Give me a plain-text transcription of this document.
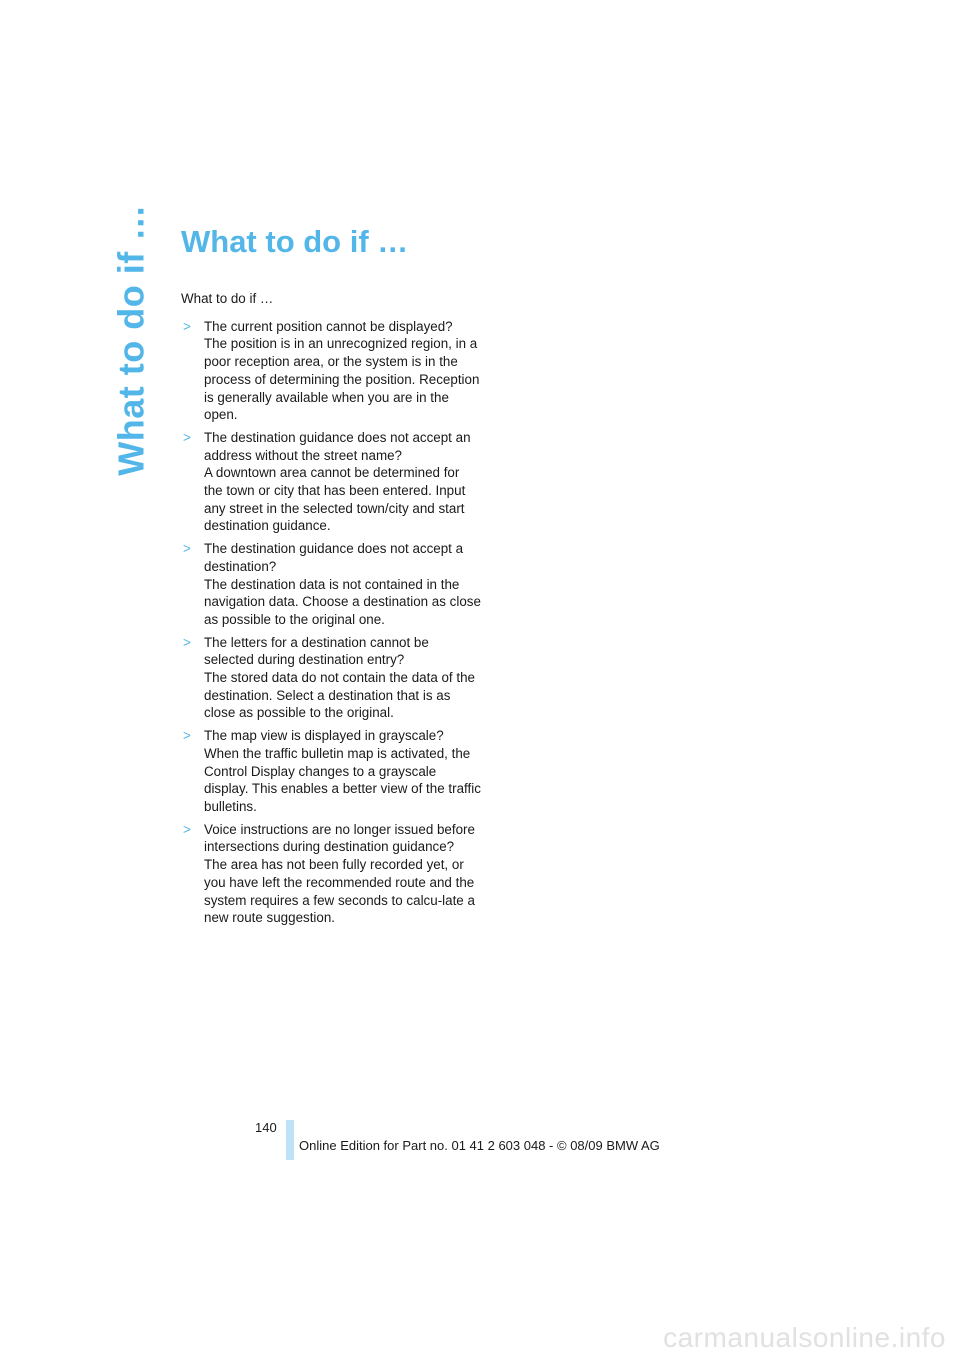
What to do if … What to do if …

What to do if …

> The current position cannot be displayed?
The position is in an unrecognized region, in a poor reception area, or the system is in the process of determining the position. Reception is generally available when you are in the open.
> The destination guidance does not accept an address without the street name?
A downtown area cannot be determined for the town or city that has been entered. Input any street in the selected town/city and start destination guidance.
> The destination guidance does not accept a destination?
The destination data is not contained in the navigation data. Choose a destination as close as possible to the original one.
> The letters for a destination cannot be selected during destination entry?
The stored data do not contain the data of the destination. Select a destination that is as close as possible to the original.
> The map view is displayed in grayscale?
When the traffic bulletin map is activated, the Control Display changes to a grayscale display. This enables a better view of the traffic bulletins.
> Voice instructions are no longer issued before intersections during destination guidance?
The area has not been fully recorded yet, or you have left the recommended route and the system requires a few seconds to calcu-late a new route suggestion.
140
Online Edition for Part no. 01 41 2 603 048 - © 08/09 BMW AG
carmanualsonline.info
